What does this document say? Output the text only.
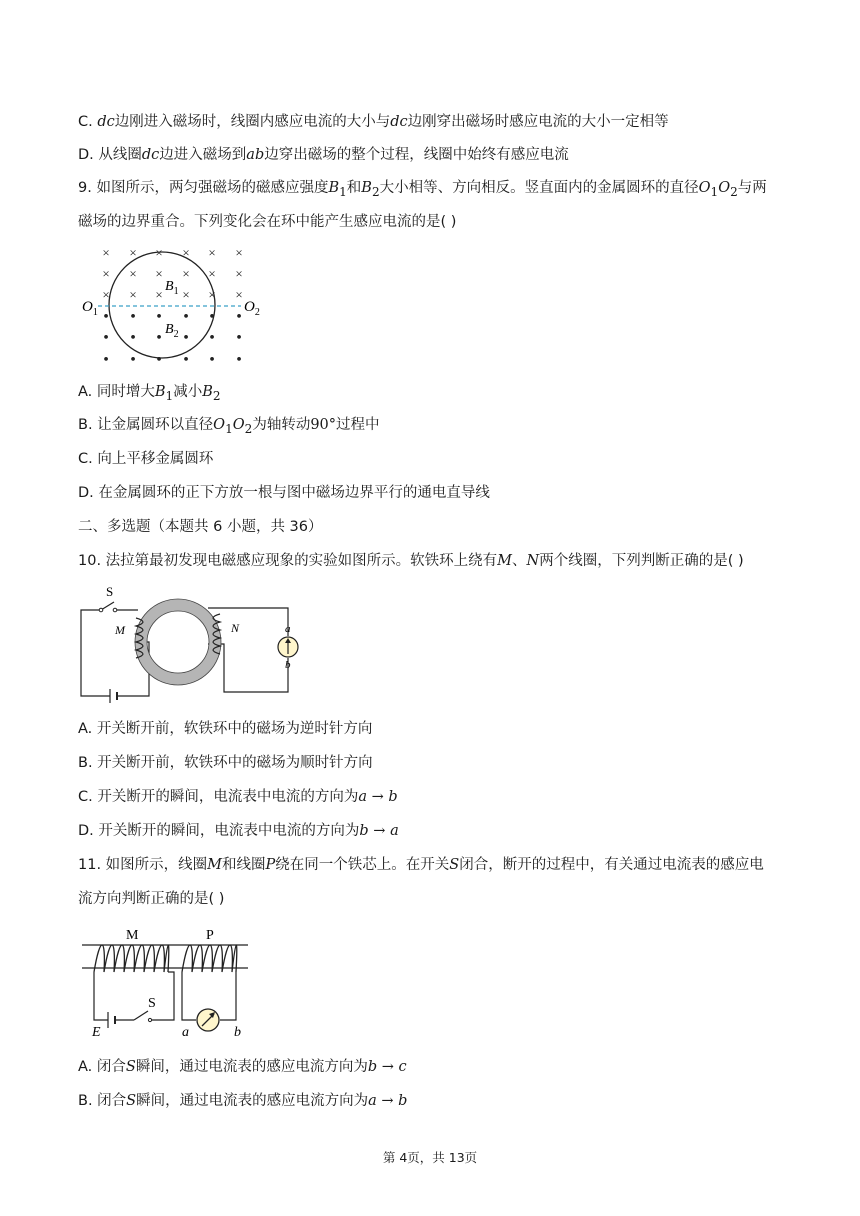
C. dc边刚进入磁场时，线圈内感应电流的大小与dc边刚穿出磁场时感应电流的大小一定相等
D. 从线圈dc边进入磁场到ab边穿出磁场的整个过程，线圈中始终有感应电流
9. 如图所示，两匀强磁场的磁感应强度$B_1$和$B_2$大小相等、方向相反。竖直面内的金属圆环的直径$O_1O_2$与两
磁场的边界重合。下列变化会在环中能产生感应电流的是( )
× × × × × ×
× × × × × ×
× × × × × ×
• • • • • •
• • • • • •
• • • • • •
$O_1$	$O_2$
$B_1$
$B_2$
A. 同时增大$B_1$减小$B_2$
B. 让金属圆环以直径$O_1O_2$为轴转动90°过程中
C. 向上平移金属圆环
D. 在金属圆环的正下方放一根与图中磁场边界平行的通电直导线
二、多选题（本题共 6 小题，共 36）
10. 法拉第最初发现电磁感应现象的实验如图所示。软铁环上绕有M、N两个线圈，下列判断正确的是( )
S
M	N	a
b
A. 开关断开前，软铁环中的磁场为逆时针方向
B. 开关断开前，软铁环中的磁场为顺时针方向
C. 开关断开的瞬间，电流表中电流的方向为a → b
D. 开关断开的瞬间，电流表中电流的方向为b → a
11. 如图所示，线圈M和线圈P绕在同一个铁芯上。在开关S闭合，断开的过程中，有关通过电流表的感应电
流方向判断正确的是( )
M	P
S
E	a	b
A. 闭合S瞬间，通过电流表的感应电流方向为b → c
B. 闭合S瞬间，通过电流表的感应电流方向为a → b
第 4页，共 13页
